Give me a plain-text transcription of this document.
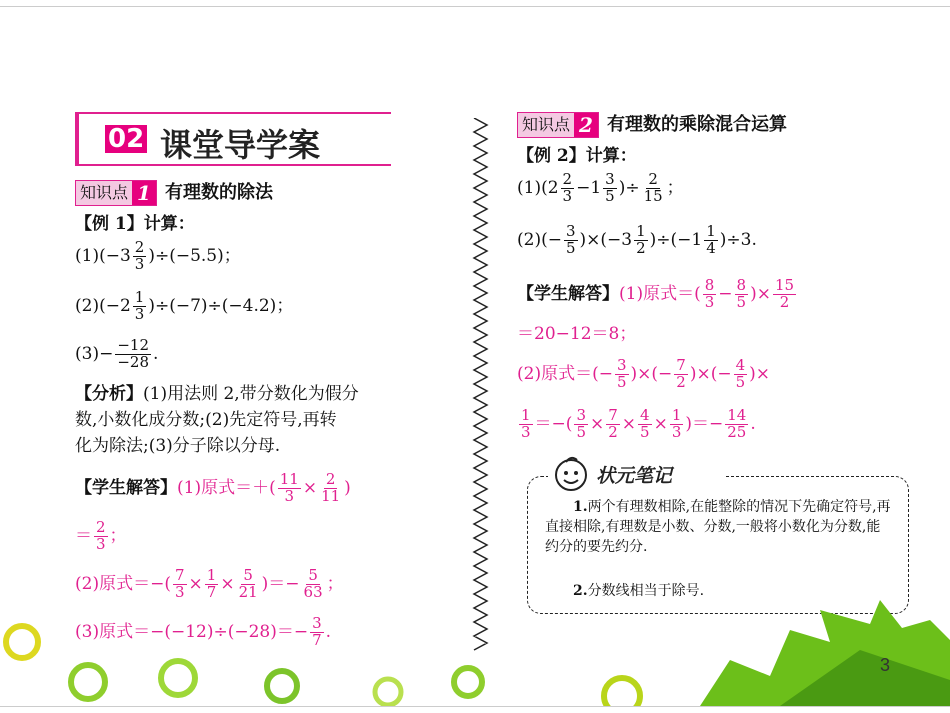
02 课堂导学案
知识点 1 有理数的除法
【例 1】计算：
$(1)(-3 \frac{2}{3} )\div(-5.5)$；
$(2)(-2 \frac{1}{3} )\div(-7)\div(-4.2)$；
$(3)- \frac{-12}{-28}$ .
【分析】(1)用法则 2,带分数化为假分
数,小数化成分数;(2)先定符号,再转
化为除法;(3)分子除以分母.
【学生解答】(1)原式＝＋( $\frac{11}{3} \times \frac{2}{11}$ )
＝ $\frac{2}{3}$ ；
(2)原式＝−( $\frac{7}{3} \times \frac{1}{7} \times \frac{5}{21}$ )＝− $\frac{5}{63}$ ；
(3)原式$=-(-12)\div(-28)=- \frac{3}{7}$ .
知识点 2 有理数的乘除混合运算
【例 2】计算：
$(1)(2 \frac{2}{3} -1 \frac{3}{5}$ )÷ $\frac{2}{15}$ ；
$(2)(- \frac{3}{5} )\times(-3 \frac{1}{2} )\div(-1 \frac{1}{4} )\div 3$.
【学生解答】(1)原式＝( $\frac{8}{3} - \frac{8}{5}$ )× $\frac{15}{2}$
＝20−12＝8；
(2)原式＝(− $\frac{3}{5}$ )×(− $\frac{7}{2}$ )×(− $\frac{4}{5}$ )×
$\frac{1}{3}$ ＝−( $\frac{3}{5} \times \frac{7}{2} \times \frac{4}{5} \times \frac{1}{3}$ )＝− $\frac{14}{25}$ .
状元笔记
1.两个有理数相除,在能整除的情况下先确定符号,再直接相除,有理数是小数、分数,一般将小数化为分数,能约分的要先约分.
2.分数线相当于除号.
3
